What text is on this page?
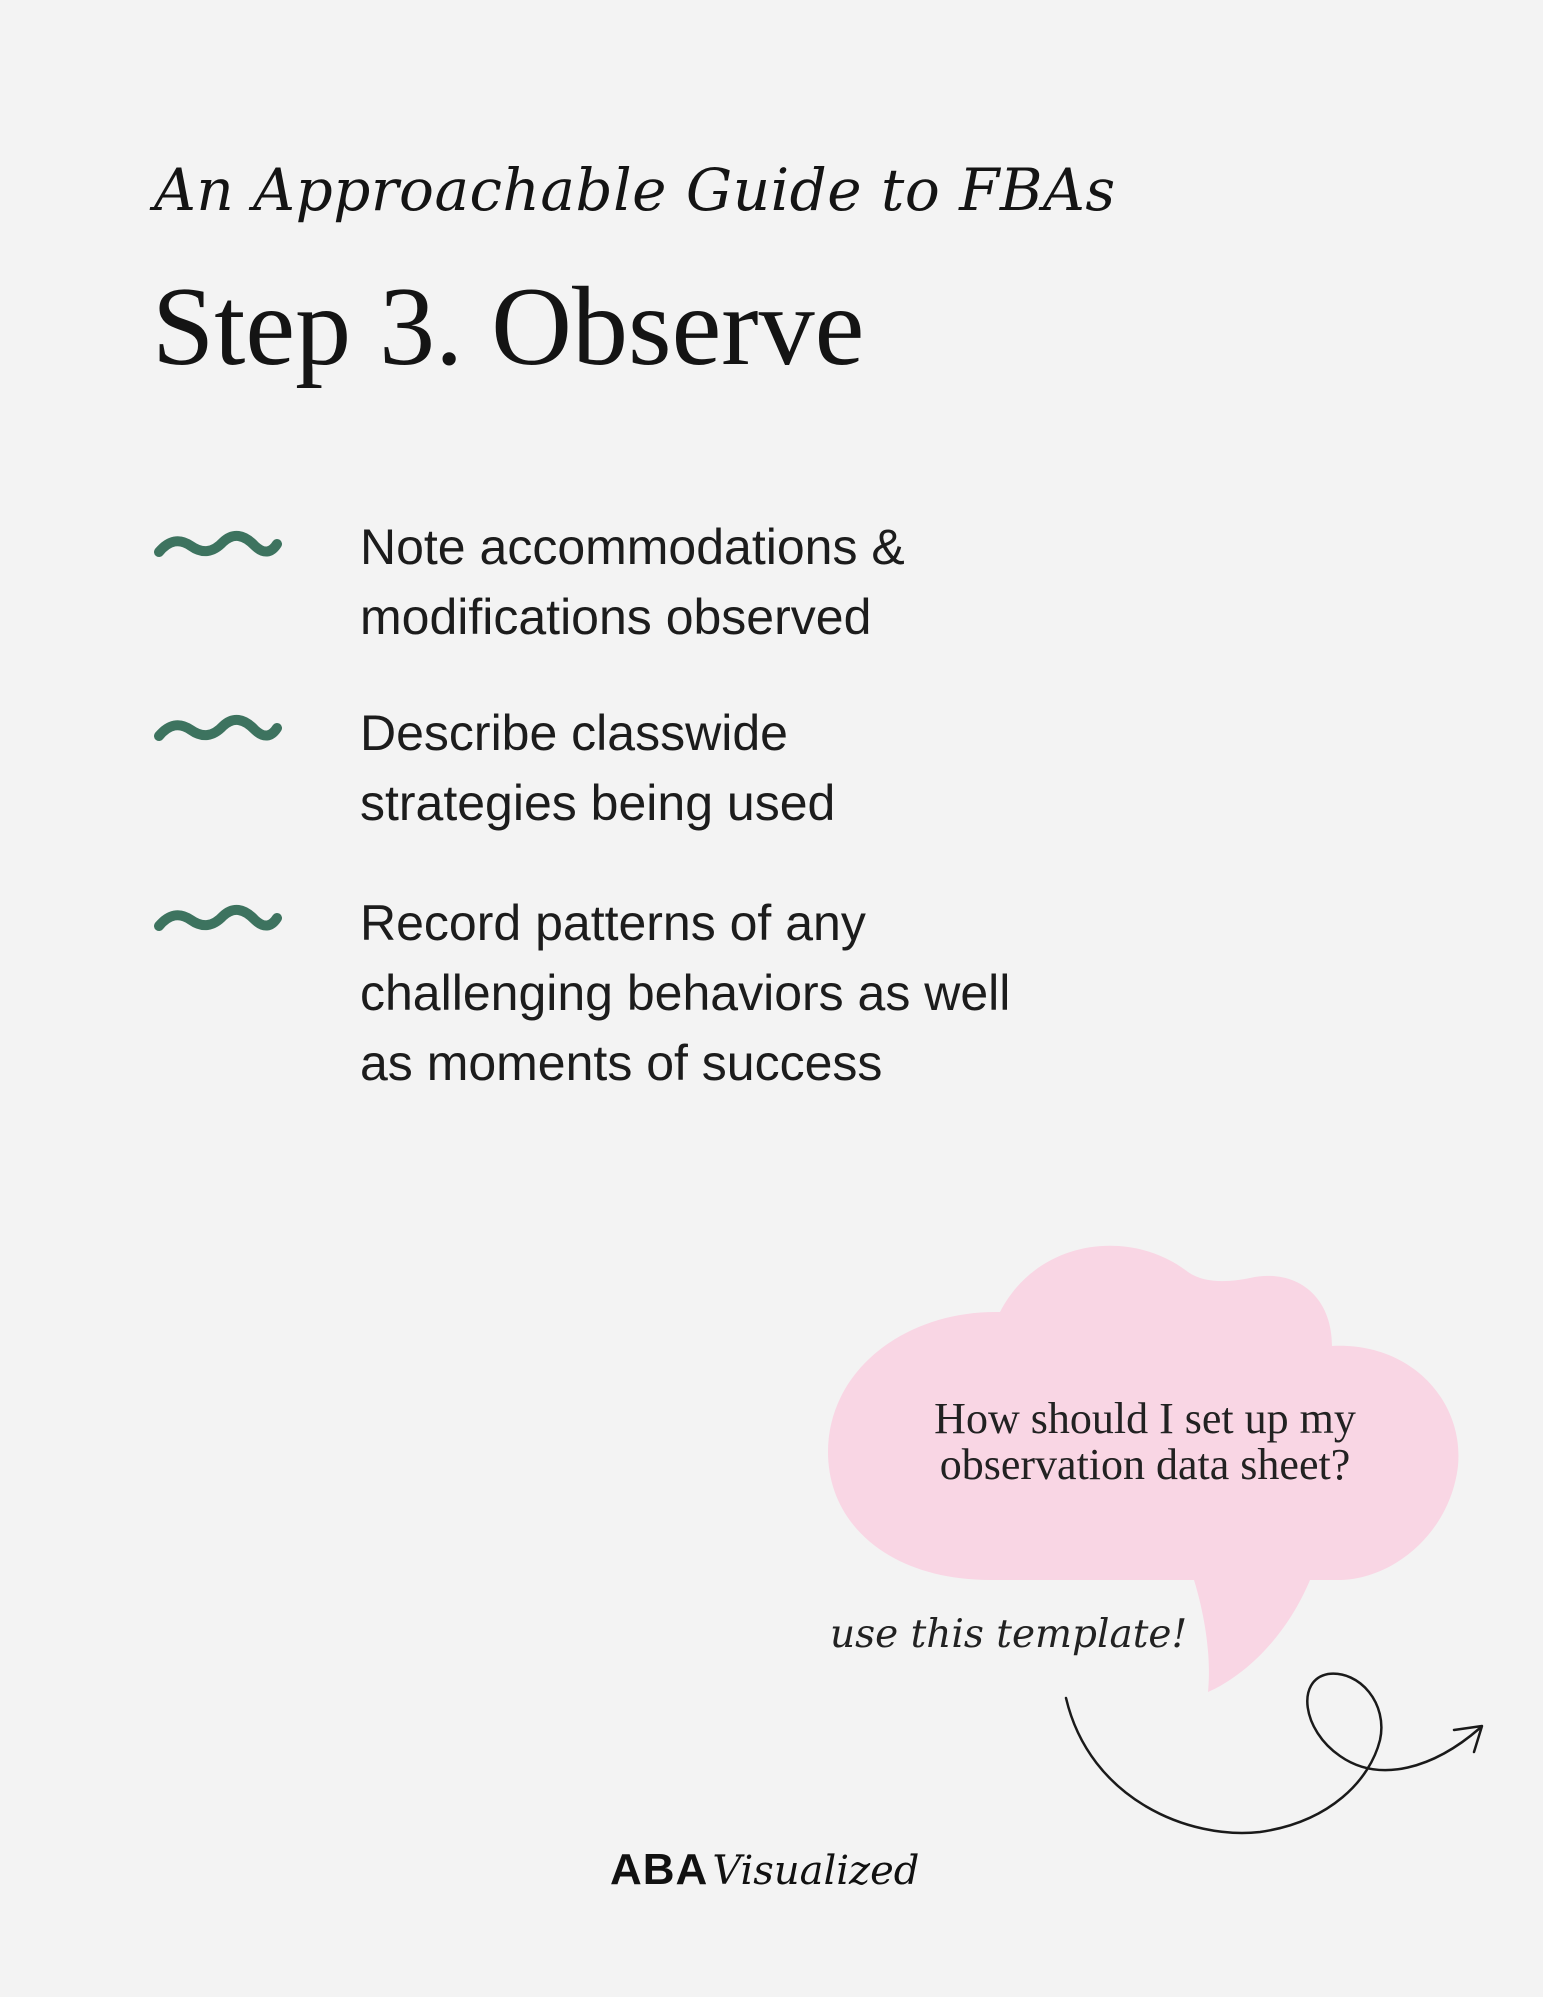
An Approachable Guide to FBAs
Step 3. Observe
Note accommodations &
modifications observed
Describe classwide
strategies being used
Record patterns of any
challenging behaviors as well
as moments of success
How should I set up my
observation data sheet?
use this template!
ABA Visualized
